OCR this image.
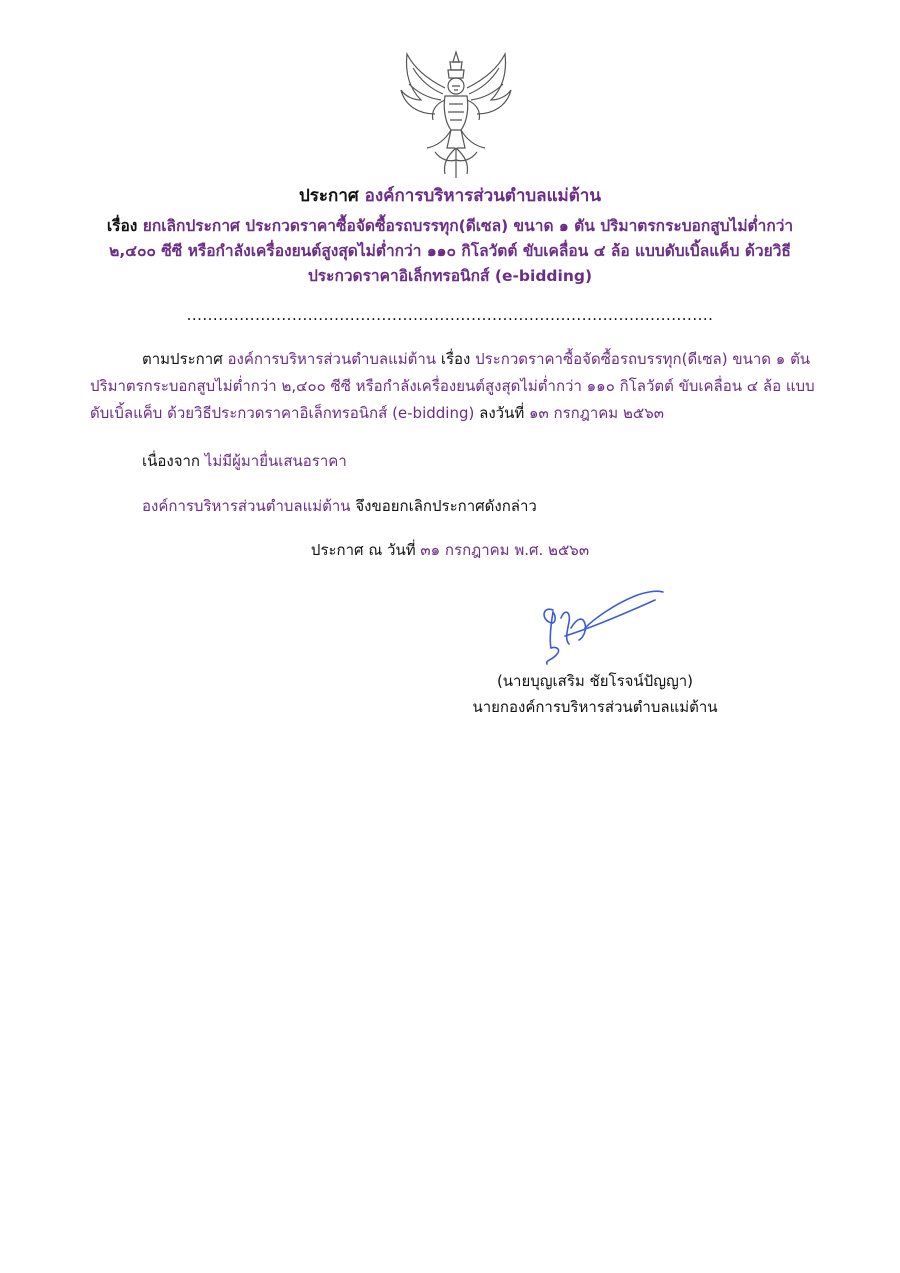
ประกาศ องค์การบริหารส่วนตำบลแม่ต้าน
เรื่อง ยกเลิกประกาศ ประกวดราคาซื้อจัดซื้อรถบรรทุก(ดีเซล) ขนาด ๑ ตัน ปริมาตรกระบอกสูบไม่ต่ำกว่า
๒,๔๐๐ ซีซี หรือกำลังเครื่องยนต์สูงสุดไม่ต่ำกว่า ๑๑๐ กิโลวัตต์ ขับเคลื่อน ๔ ล้อ แบบดับเบิ้ลแค็บ ด้วยวิธี
ประกวดราคาอิเล็กทรอนิกส์ (e-bidding)
....................................................................................................
ตามประกาศ องค์การบริหารส่วนตำบลแม่ต้าน เรื่อง ประกวดราคาซื้อจัดซื้อรถบรรทุก(ดีเซล) ขนาด ๑ ตัน
ปริมาตรกระบอกสูบไม่ต่ำกว่า ๒,๔๐๐ ซีซี หรือกำลังเครื่องยนต์สูงสุดไม่ต่ำกว่า ๑๑๐ กิโลวัตต์ ขับเคลื่อน ๔ ล้อ แบบ
ดับเบิ้ลแค็บ ด้วยวิธีประกวดราคาอิเล็กทรอนิกส์ (e-bidding) ลงวันที่ ๑๓ กรกฎาคม ๒๕๖๓
เนื่องจาก ไม่มีผู้มายื่นเสนอราคา
องค์การบริหารส่วนตำบลแม่ต้าน จึงขอยกเลิกประกาศดังกล่าว
ประกาศ ณ วันที่ ๓๑ กรกฎาคม พ.ศ. ๒๕๖๓
(นายบุญเสริม ชัยโรจน์ปัญญา)
นายกองค์การบริหารส่วนตำบลแม่ต้าน
